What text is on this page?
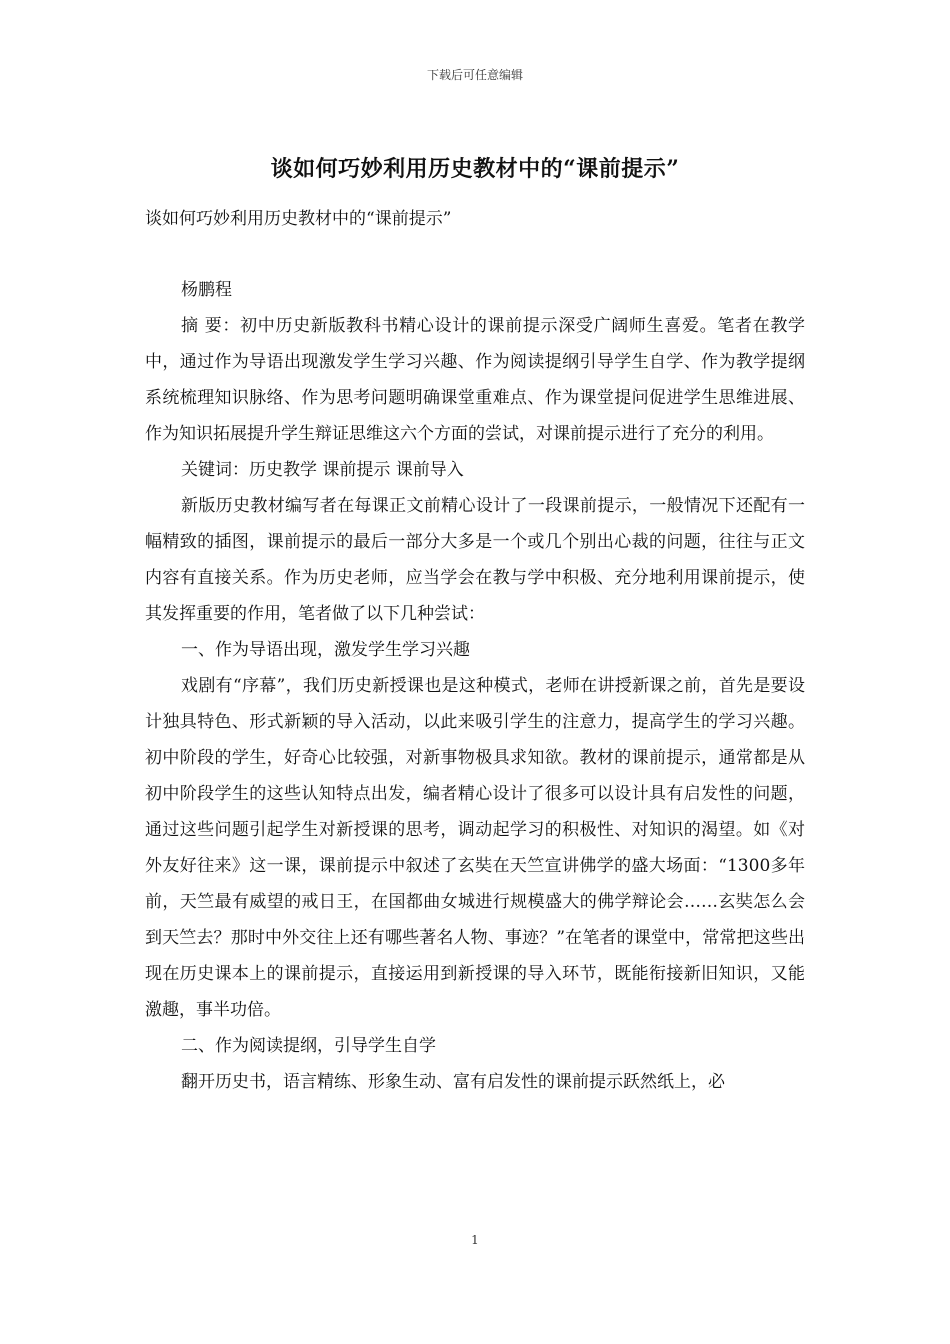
下载后可任意编辑
谈如何巧妙利用历史教材中的“课前提示”
谈如何巧妙利用历史教材中的“课前提示”

杨鹏程

摘 要：初中历史新版教科书精心设计的课前提示深受广阔师生喜爱。笔者在教学中，通过作为导语出现激发学生学习兴趣、作为阅读提纲引导学生自学、作为教学提纲系统梳理知识脉络、作为思考问题明确课堂重难点、作为课堂提问促进学生思维进展、作为知识拓展提升学生辩证思维这六个方面的尝试，对课前提示进行了充分的利用。

关键词：历史教学 课前提示 课前导入

新版历史教材编写者在每课正文前精心设计了一段课前提示，一般情况下还配有一幅精致的插图，课前提示的最后一部分大多是一个或几个别出心裁的问题，往往与正文内容有直接关系。作为历史老师，应当学会在教与学中积极、充分地利用课前提示，使其发挥重要的作用，笔者做了以下几种尝试：

一、作为导语出现，激发学生学习兴趣

戏剧有“序幕”，我们历史新授课也是这种模式，老师在讲授新课之前，首先是要设计独具特色、形式新颖的导入活动，以此来吸引学生的注意力，提高学生的学习兴趣。初中阶段的学生，好奇心比较强，对新事物极具求知欲。教材的课前提示，通常都是从初中阶段学生的这些认知特点出发，编者精心设计了很多可以设计具有启发性的问题，通过这些问题引起学生对新授课的思考，调动起学习的积极性、对知识的渴望。如《对外友好往来》这一课，课前提示中叙述了玄奘在天竺宣讲佛学的盛大场面：“1300多年前，天竺最有威望的戒日王，在国都曲女城进行规模盛大的佛学辩论会……玄奘怎么会到天竺去？那时中外交往上还有哪些著名人物、事迹？”在笔者的课堂中，常常把这些出现在历史课本上的课前提示，直接运用到新授课的导入环节，既能衔接新旧知识，又能激趣，事半功倍。

二、作为阅读提纲，引导学生自学

翻开历史书，语言精练、形象生动、富有启发性的课前提示跃然纸上，必

1
